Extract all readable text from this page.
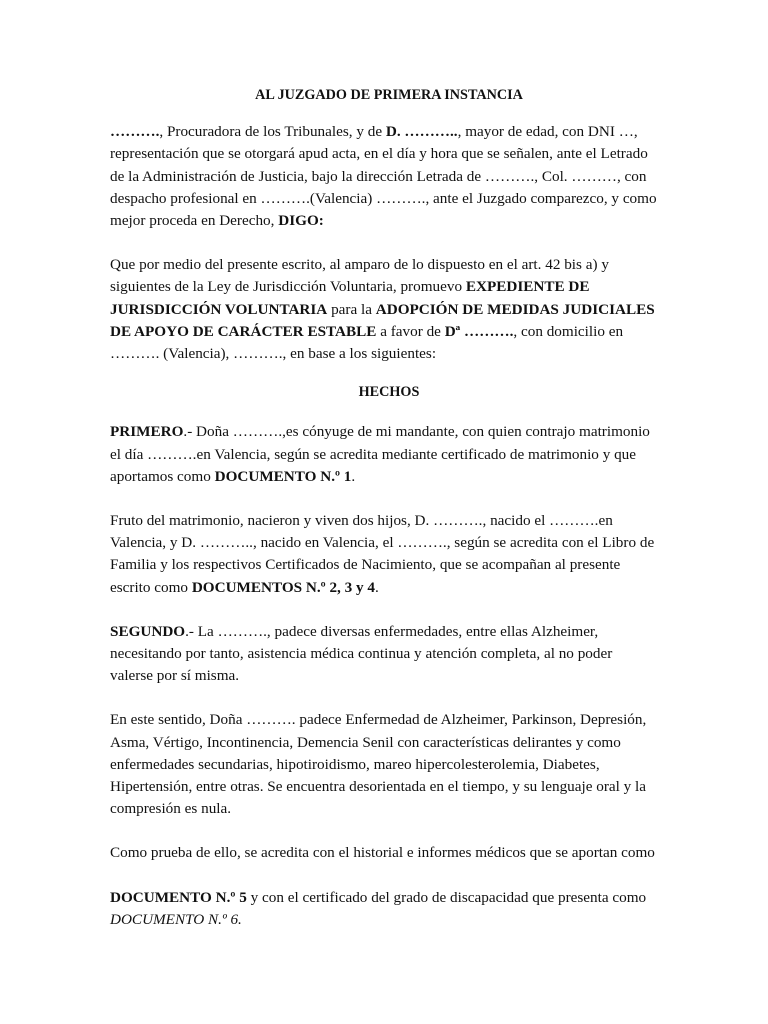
AL JUZGADO DE PRIMERA INSTANCIA

………., Procuradora de los Tribunales, y de D. ……….., mayor de edad, con DNI …, representación que se otorgará apud acta, en el día y hora que se señalen, ante el Letrado de la Administración de Justicia, bajo la dirección Letrada de ………., Col. ………, con despacho profesional en ……….(Valencia) ………., ante el Juzgado comparezco, y como mejor proceda en Derecho, DIGO:

Que por medio del presente escrito, al amparo de lo dispuesto en el art. 42 bis a) y siguientes de la Ley de Jurisdicción Voluntaria, promuevo EXPEDIENTE DE JURISDICCIÓN VOLUNTARIA para la ADOPCIÓN DE MEDIDAS JUDICIALES DE APOYO DE CARÁCTER ESTABLE a favor de Dª ………., con domicilio en ………. (Valencia), ………., en base a los siguientes:

HECHOS

PRIMERO.- Doña ……….,es cónyuge de mi mandante, con quien contrajo matrimonio el día ……….en Valencia, según se acredita mediante certificado de matrimonio y que aportamos como DOCUMENTO N.º 1.

Fruto del matrimonio, nacieron y viven dos hijos, D. ………., nacido el ……….en Valencia, y D. ……….., nacido en Valencia, el ………., según se acredita con el Libro de Familia y los respectivos Certificados de Nacimiento, que se acompañan al presente escrito como DOCUMENTOS N.º 2, 3 y 4.

SEGUNDO.- La ………., padece diversas enfermedades, entre ellas Alzheimer, necesitando por tanto, asistencia médica continua y atención completa, al no poder valerse por sí misma.

En este sentido, Doña ………. padece Enfermedad de Alzheimer, Parkinson, Depresión, Asma, Vértigo, Incontinencia, Demencia Senil con características delirantes y como enfermedades secundarias, hipotiroidismo, mareo hipercolesterolemia, Diabetes, Hipertensión, entre otras. Se encuentra desorientada en el tiempo, y su lenguaje oral y la compresión es nula.

Como prueba de ello, se acredita con el historial e informes médicos que se aportan como

DOCUMENTO N.º 5 y con el certificado del grado de discapacidad que presenta como DOCUMENTO N.º 6.
